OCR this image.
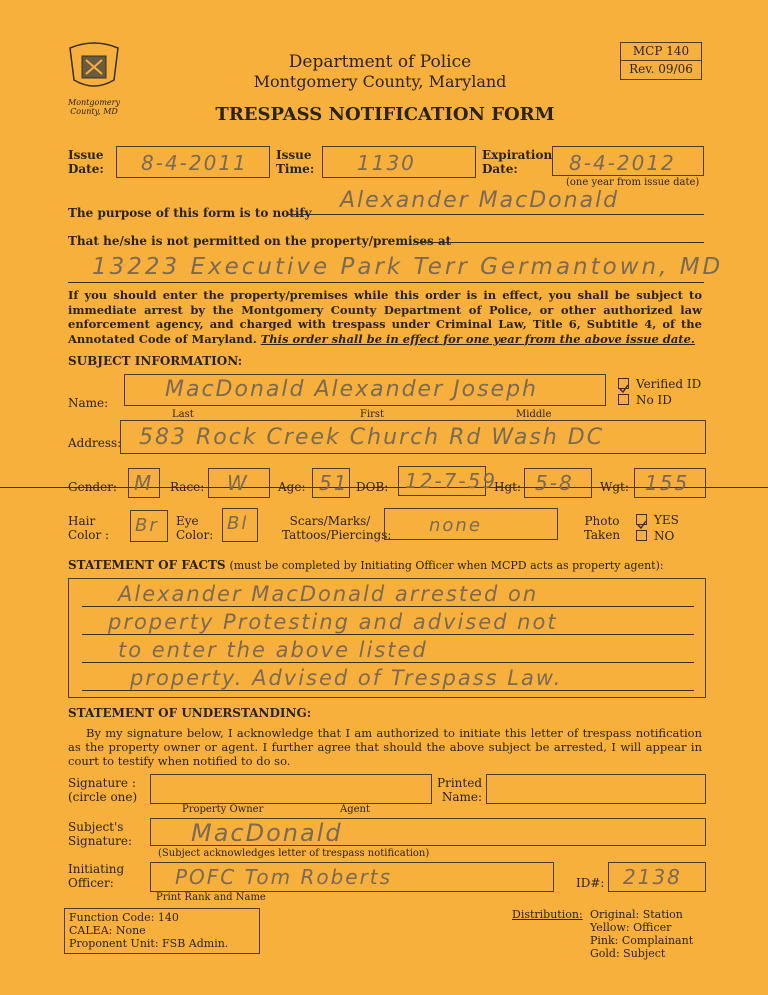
Montgomery County, MD
Department of Police
Montgomery County, Maryland
MCP 140
Rev. 09/06
TRESPASS NOTIFICATION FORM
Issue Date: 8-4-2011 Issue Time: 1130	Expiration Date:	8-4-2012
(one year from issue date)
The purpose of this form is to notify Alexander MacDonald
That he/she is not permitted on the property/premises at
13223 Executive Park Terr Germantown, MD
If you should enter the property/premises while this order is in effect, you shall be subject to immediate arrest by the Montgomery County Department of Police, or other authorized law enforcement agency, and charged with trespass under Criminal Law, Title 6, Subtitle 4, of the Annotated Code of Maryland. This order shall be in effect for one year from the above issue date.
SUBJECT INFORMATION:
Name:
MacDonald Alexander Joseph
Last	First	Middle
Verified ID
No ID
Address: 583 Rock Creek Church Rd Wash DC
Gender: M Race: W Age: 51 DOB: 12-7-59
Hgt: 5-8 Wgt: 155
Hair Color :	Br Eye Color:
Bl	Scars/Marks/ Tattoos/Piercings: none	Photo Taken
YES
NO
STATEMENT OF FACTS (must be completed by Initiating Officer when MCPD acts as property agent):
Alexander MacDonald arrested on
property Protesting and advised not
to enter the above listed
property. Advised of Trespass Law.
STATEMENT OF UNDERSTANDING:
By my signature below, I acknowledge that I am authorized to initiate this letter of trespass notification as the property owner or agent. I further agree that should the above subject be arrested, I will appear in court to testify when notified to do so.
Signature : (circle one)
Property Owner	Agent
Printed Name:
Subject's Signature:	MacDonald
(Subject acknowledges letter of trespass notification)
Initiating Officer:	POFC Tom Roberts
Print Rank and Name
ID#: 2138
Function Code: 140
CALEA: None
Proponent Unit: FSB Admin.
Distribution: Original: Station
Yellow: Officer
Pink: Complainant
Gold: Subject
